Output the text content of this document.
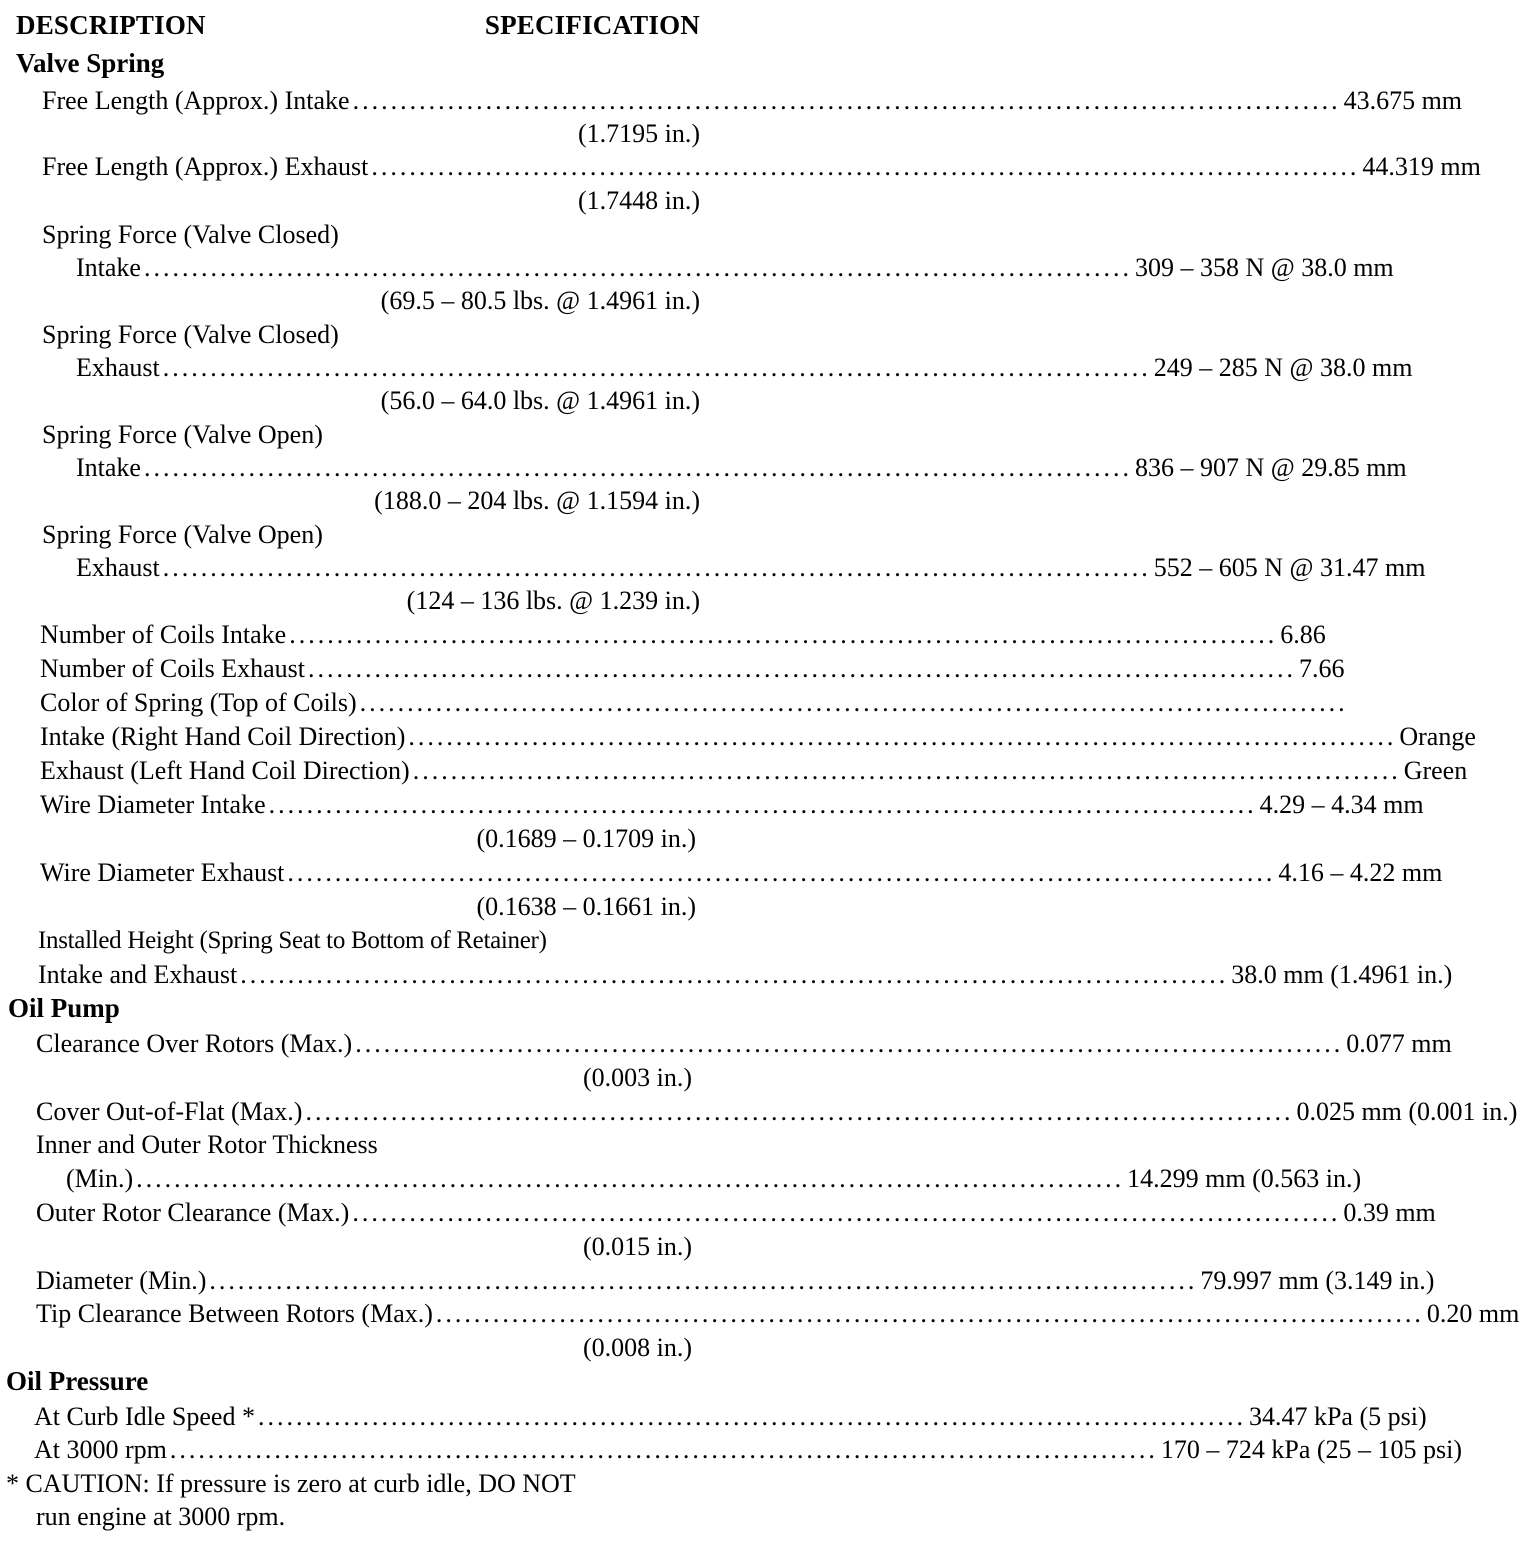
DESCRIPTION	SPECIFICATION
Valve Spring
Free Length (Approx.) Intake ........................................................................................................ 43.675 mm
(1.7195 in.)
Free Length (Approx.) Exhaust ........................................................................................................ 44.319 mm
(1.7448 in.)
Spring Force (Valve Closed)
Intake ........................................................................................................ 309 – 358 N @ 38.0 mm
(69.5 – 80.5 lbs. @ 1.4961 in.)
Spring Force (Valve Closed)
Exhaust ........................................................................................................ 249 – 285 N @ 38.0 mm
(56.0 – 64.0 lbs. @ 1.4961 in.)
Spring Force (Valve Open)
Intake ........................................................................................................ 836 – 907 N @ 29.85 mm
(188.0 – 204 lbs. @ 1.1594 in.)
Spring Force (Valve Open)
Exhaust ........................................................................................................ 552 – 605 N @ 31.47 mm
(124 – 136 lbs. @ 1.239 in.)
Number of Coils Intake ........................................................................................................ 6.86
Number of Coils Exhaust ........................................................................................................ 7.66
Color of Spring (Top of Coils) ........................................................................................................
Intake (Right Hand Coil Direction) ........................................................................................................ Orange
Exhaust (Left Hand Coil Direction) ........................................................................................................ Green
Wire Diameter Intake ........................................................................................................ 4.29 – 4.34 mm
(0.1689 – 0.1709 in.)
Wire Diameter Exhaust ........................................................................................................ 4.16 – 4.22 mm
(0.1638 – 0.1661 in.)
Installed Height (Spring Seat to Bottom of Retainer)
Intake and Exhaust ........................................................................................................ 38.0 mm (1.4961 in.)
Oil Pump
Clearance Over Rotors (Max.) ........................................................................................................ 0.077 mm
(0.003 in.)
Cover Out-of-Flat (Max.) ........................................................................................................ 0.025 mm (0.001 in.)
Inner and Outer Rotor Thickness
(Min.) ........................................................................................................ 14.299 mm (0.563 in.)
Outer Rotor Clearance (Max.) ........................................................................................................ 0.39 mm
(0.015 in.)
Diameter (Min.) ........................................................................................................ 79.997 mm (3.149 in.)
Tip Clearance Between Rotors (Max.) ........................................................................................................ 0.20 mm
(0.008 in.)
Oil Pressure
At Curb Idle Speed * ........................................................................................................ 34.47 kPa (5 psi)
At 3000 rpm ........................................................................................................ 170 – 724 kPa (25 – 105 psi)
* CAUTION: If pressure is zero at curb idle, DO NOT
run engine at 3000 rpm.
